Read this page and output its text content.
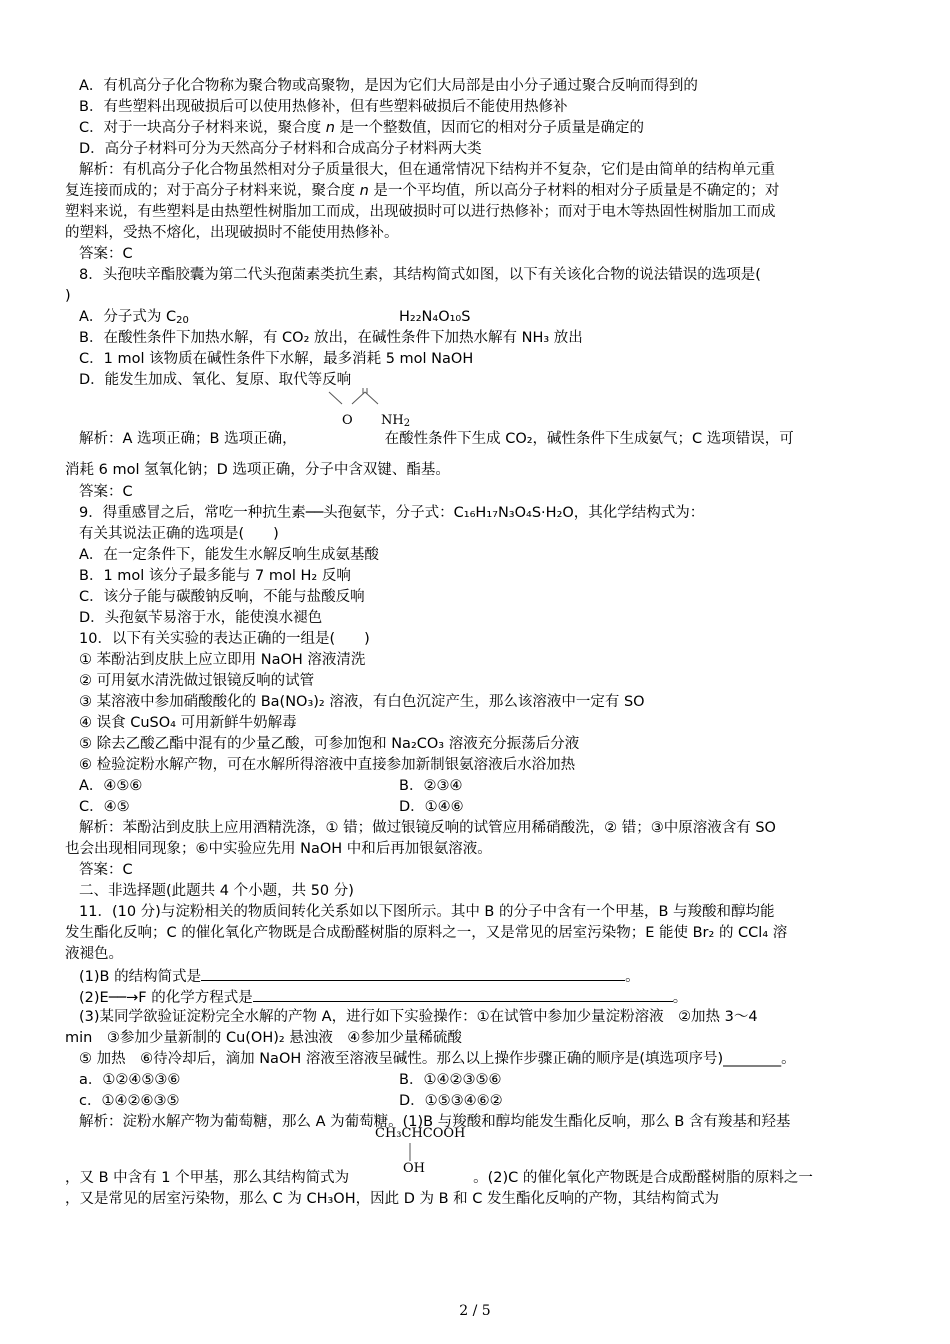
A．有机高分子化合物称为聚合物或高聚物，是因为它们大局部是由小分子通过聚合反响而得到的
B．有些塑料出现破损后可以使用热修补，但有些塑料破损后不能使用热修补
C．对于一块高分子材料来说，聚合度 n 是一个整数值，因而它的相对分子质量是确定的
D．高分子材料可分为天然高分子材料和合成高分子材料两大类
解析：有机高分子化合物虽然相对分子质量很大，但在通常情况下结构并不复杂，它们是由简单的结构单元重
复连接而成的；对于高分子材料来说，聚合度 n 是一个平均值，所以高分子材料的相对分子质量是不确定的；对
塑料来说，有些塑料是由热塑性树脂加工而成，出现破损时可以进行热修补；而对于电木等热固性树脂加工而成
的塑料，受热不熔化，出现破损时不能使用热修补。
答案：C
8．头孢呋辛酯胶囊为第二代头孢菌素类抗生素，其结构简式如图，以下有关该化合物的说法错误的选项是(
)
A．分子式为 $C_{20}$	H₂₂N₄O₁₀S
B．在酸性条件下加热水解，有 CO₂ 放出，在碱性条件下加热水解有 NH₃ 放出
C．1 mol 该物质在碱性条件下水解，最多消耗 5 mol NaOH
D．能发生加成、氧化、复原、取代等反响
O $NH_2$
解析：A 选项正确；B 选项正确，	在酸性条件下生成 CO₂，碱性条件下生成氨气；C 选项错误，可
消耗 6 mol 氢氧化钠；D 选项正确，分子中含双键、酯基。
答案：C
9．得重感冒之后，常吃一种抗生素──头孢氨苄，分子式：C₁₆H₁₇N₃O₄S·H₂O，其化学结构式为：
有关其说法正确的选项是(　　)
A．在一定条件下，能发生水解反响生成氨基酸
B．1 mol 该分子最多能与 7 mol H₂ 反响
C．该分子能与碳酸钠反响，不能与盐酸反响
D．头孢氨苄易溶于水，能使溴水褪色
10．以下有关实验的表达正确的一组是(　　)
① 苯酚沾到皮肤上应立即用 NaOH 溶液清洗
② 可用氨水清洗做过银镜反响的试管
③ 某溶液中参加硝酸酸化的 Ba(NO₃)₂ 溶液，有白色沉淀产生，那么该溶液中一定有 SO
④ 误食 CuSO₄ 可用新鲜牛奶解毒
⑤ 除去乙酸乙酯中混有的少量乙酸，可参加饱和 Na₂CO₃ 溶液充分振荡后分液
⑥ 检验淀粉水解产物，可在水解所得溶液中直接参加新制银氨溶液后水浴加热
A．④⑤⑥	B．②③④
C．④⑤	D．①④⑥
解析：苯酚沾到皮肤上应用酒精洗涤，① 错；做过银镜反响的试管应用稀硝酸洗，② 错；③中原溶液含有 SO
也会出现相同现象；⑥中实验应先用 NaOH 中和后再加银氨溶液。
答案：C
二、非选择题(此题共 4 个小题，共 50 分)
11．(10 分)与淀粉相关的物质间转化关系如以下图所示。其中 B 的分子中含有一个甲基，B 与羧酸和醇均能
发生酯化反响；C 的催化氧化产物既是合成酚醛树脂的原料之一，又是常见的居室污染物；E 能使 Br₂ 的 CCl₄ 溶
液褪色。
(1)B 的结构简式是	。
(2)E──→F 的化学方程式是	。
(3)某同学欲验证淀粉完全水解的产物 A，进行如下实验操作：①在试管中参加少量淀粉溶液　②加热 3～4
min　③参加少量新制的 Cu(OH)₂ 悬浊液　④参加少量稀硫酸
⑤ 加热　⑥待冷却后，滴加 NaOH 溶液至溶液呈碱性。那么以上操作步骤正确的顺序是(填选项序号)________。
a．①②④⑤③⑥	B．①④②③⑤⑥
c．①④②⑥③⑤	D．①⑤③④⑥②
解析：淀粉水解产物为葡萄糖，那么 A 为葡萄糖。(1)B 与羧酸和醇均能发生酯化反响，那么 B 含有羧基和羟基
CH₃CHCOOH
OH
，又 B 中含有 1 个甲基，那么其结构简式为	。(2)C 的催化氧化产物既是合成酚醛树脂的原料之一
，又是常见的居室污染物，那么 C 为 CH₃OH，因此 D 为 B 和 C 发生酯化反响的产物，其结构简式为
2 / 5
